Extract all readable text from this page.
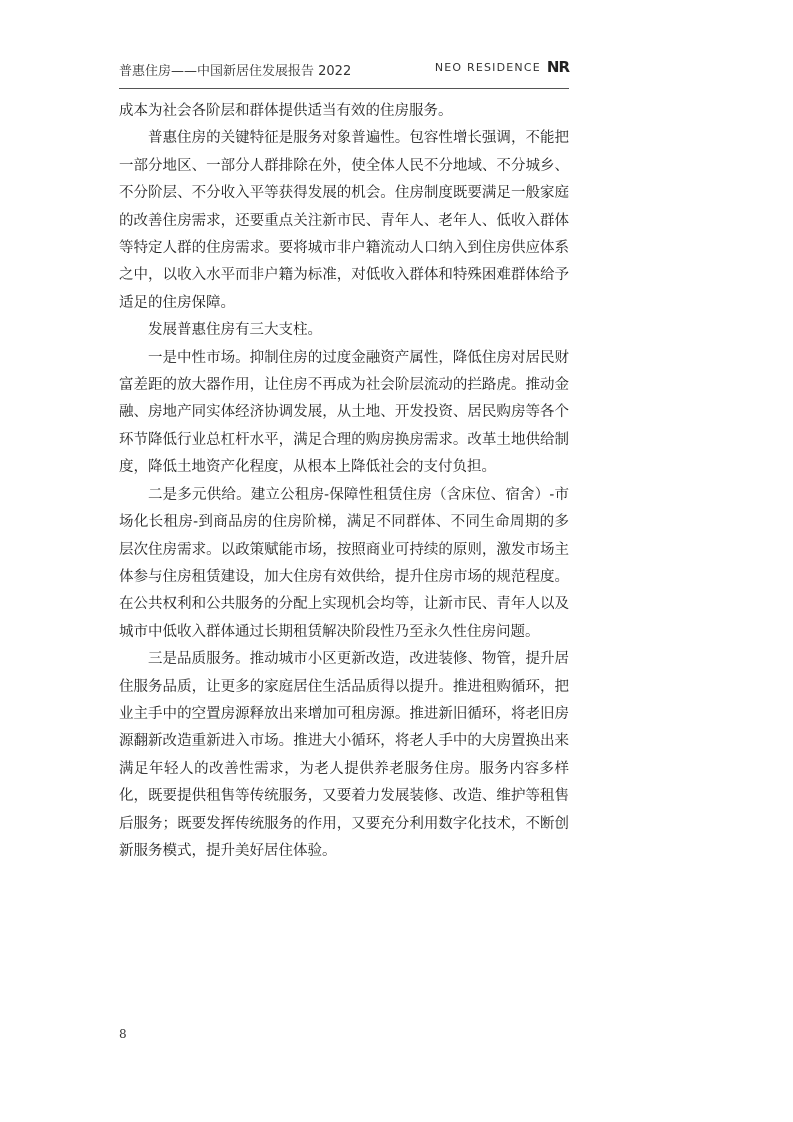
普惠住房——中国新居住发展报告 2022	NEO RESIDENCE NR

成本为社会各阶层和群体提供适当有效的住房服务。

普惠住房的关键特征是服务对象普遍性。包容性增长强调，不能把一部分地区、一部分人群排除在外，使全体人民不分地域、不分城乡、不分阶层、不分收入平等获得发展的机会。住房制度既要满足一般家庭的改善住房需求，还要重点关注新市民、青年人、老年人、低收入群体等特定人群的住房需求。要将城市非户籍流动人口纳入到住房供应体系之中，以收入水平而非户籍为标准，对低收入群体和特殊困难群体给予适足的住房保障。

发展普惠住房有三大支柱。

一是中性市场。抑制住房的过度金融资产属性，降低住房对居民财富差距的放大器作用，让住房不再成为社会阶层流动的拦路虎。推动金融、房地产同实体经济协调发展，从土地、开发投资、居民购房等各个环节降低行业总杠杆水平，满足合理的购房换房需求。改革土地供给制度，降低土地资产化程度，从根本上降低社会的支付负担。

二是多元供给。建立公租房-保障性租赁住房（含床位、宿舍）-市场化长租房-到商品房的住房阶梯，满足不同群体、不同生命周期的多层次住房需求。以政策赋能市场，按照商业可持续的原则，激发市场主体参与住房租赁建设，加大住房有效供给，提升住房市场的规范程度。在公共权利和公共服务的分配上实现机会均等，让新市民、青年人以及城市中低收入群体通过长期租赁解决阶段性乃至永久性住房问题。

三是品质服务。推动城市小区更新改造，改进装修、物管，提升居住服务品质，让更多的家庭居住生活品质得以提升。推进租购循环，把业主手中的空置房源释放出来增加可租房源。推进新旧循环，将老旧房源翻新改造重新进入市场。推进大小循环，将老人手中的大房置换出来满足年轻人的改善性需求，为老人提供养老服务住房。服务内容多样化，既要提供租售等传统服务，又要着力发展装修、改造、维护等租售后服务；既要发挥传统服务的作用，又要充分利用数字化技术，不断创新服务模式，提升美好居住体验。

8
